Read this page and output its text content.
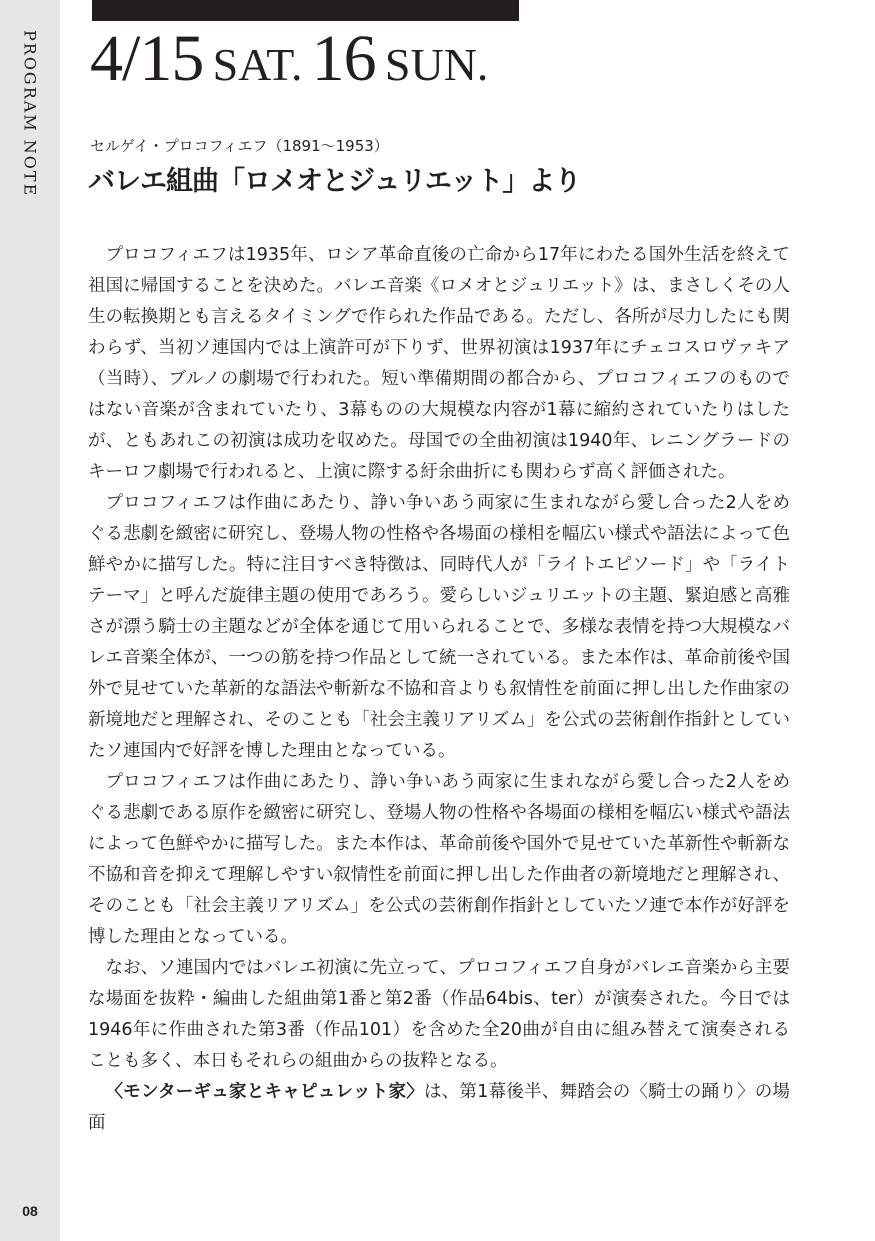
PROGRAM NOTE
08
4/15  SAT.  16  SUN.
セルゲイ・プロコフィエフ（1891～1953）
バレエ組曲「ロメオとジュリエット」より

プロコフィエフは1935年、ロシア革命直後の亡命から17年にわたる国外生活を終えて祖国に帰国することを決めた。バレエ音楽《ロメオとジュリエット》は、まさしくその人生の転換期とも言えるタイミングで作られた作品である。ただし、各所が尽力したにも関わらず、当初ソ連国内では上演許可が下りず、世界初演は1937年にチェコスロヴァキア（当時）、ブルノの劇場で行われた。短い準備期間の都合から、プロコフィエフのものではない音楽が含まれていたり、3幕ものの大規模な内容が1幕に縮約されていたりはしたが、ともあれこの初演は成功を収めた。母国での全曲初演は1940年、レニングラードのキーロフ劇場で行われると、上演に際する紆余曲折にも関わらず高く評価された。

プロコフィエフは作曲にあたり、諍い争いあう両家に生まれながら愛し合った2人をめぐる悲劇を緻密に研究し、登場人物の性格や各場面の様相を幅広い様式や語法によって色鮮やかに描写した。特に注目すべき特徴は、同時代人が「ライトエピソード」や「ライトテーマ」と呼んだ旋律主題の使用であろう。愛らしいジュリエットの主題、緊迫感と高雅さが漂う騎士の主題などが全体を通じて用いられることで、多様な表情を持つ大規模なバレエ音楽全体が、一つの筋を持つ作品として統一されている。また本作は、革命前後や国外で見せていた革新的な語法や斬新な不協和音よりも叙情性を前面に押し出した作曲家の新境地だと理解され、そのことも「社会主義リアリズム」を公式の芸術創作指針としていたソ連国内で好評を博した理由となっている。

プロコフィエフは作曲にあたり、諍い争いあう両家に生まれながら愛し合った2人をめぐる悲劇である原作を緻密に研究し、登場人物の性格や各場面の様相を幅広い様式や語法によって色鮮やかに描写した。また本作は、革命前後や国外で見せていた革新性や斬新な不協和音を抑えて理解しやすい叙情性を前面に押し出した作曲者の新境地だと理解され、そのことも「社会主義リアリズム」を公式の芸術創作指針としていたソ連で本作が好評を博した理由となっている。

なお、ソ連国内ではバレエ初演に先立って、プロコフィエフ自身がバレエ音楽から主要な場面を抜粋・編曲した組曲第1番と第2番（作品64bis、ter）が演奏された。今日では1946年に作曲された第3番（作品101）を含めた全20曲が自由に組み替えて演奏されることも多く、本日もそれらの組曲からの抜粋となる。

〈モンターギュ家とキャピュレット家〉は、第1幕後半、舞踏会の〈騎士の踊り〉の場面
